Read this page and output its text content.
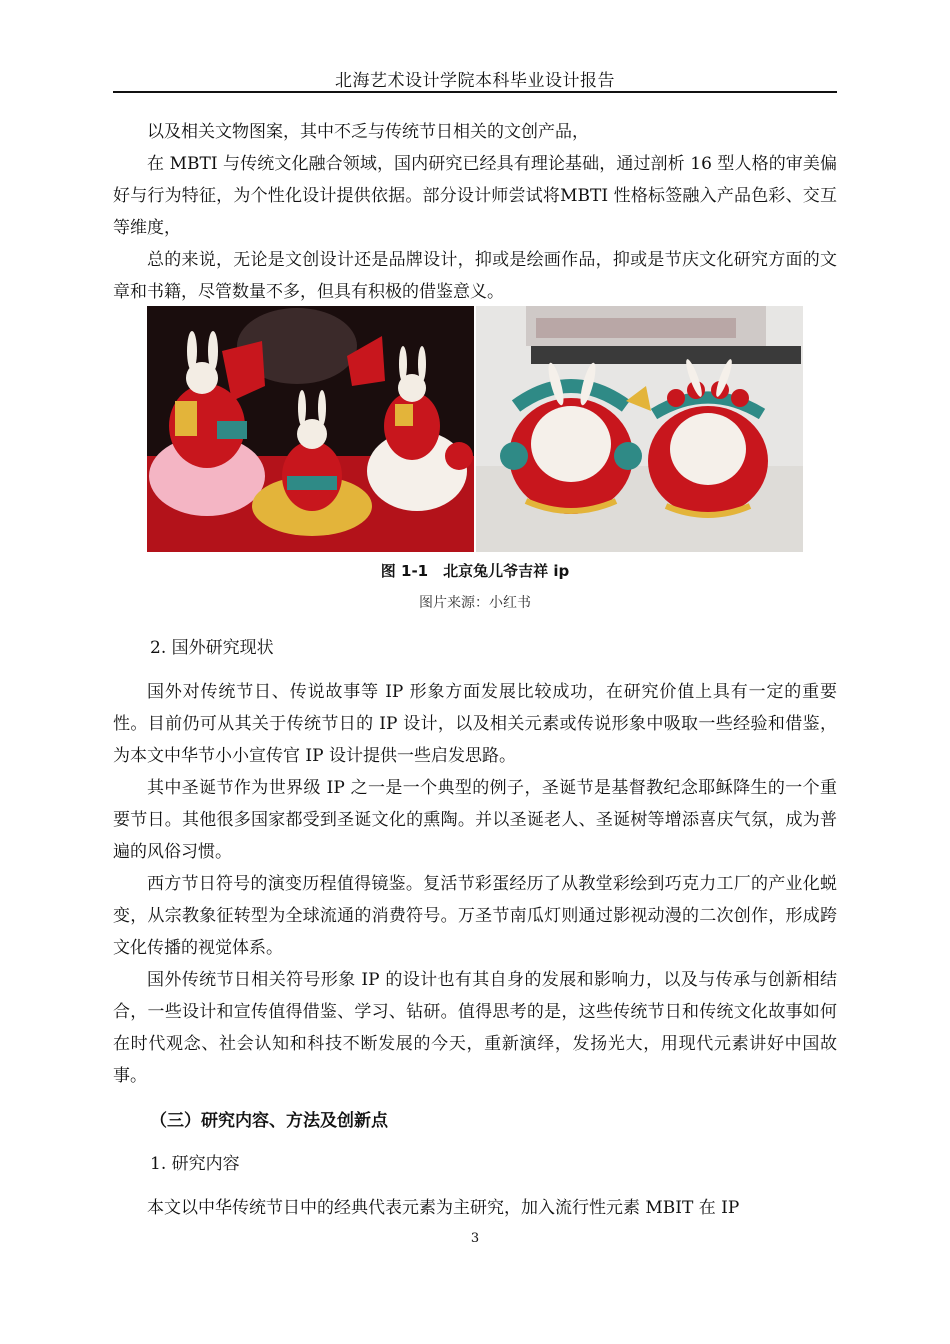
北海艺术设计学院本科毕业设计报告

以及相关文物图案，其中不乏与传统节日相关的文创产品，

在 MBTI 与传统文化融合领域，国内研究已经具有理论基础，通过剖析 16 型人格的审美偏好与行为特征，为个性化设计提供依据。部分设计师尝试将MBTI 性格标签融入产品色彩、交互等维度，

总的来说，无论是文创设计还是品牌设计，抑或是绘画作品，抑或是节庆文化研究方面的文章和书籍，尽管数量不多，但具有积极的借鉴意义。

图 1-1　北京兔儿爷吉祥 ip
图片来源：小红书

2. 国外研究现状

国外对传统节日、传说故事等 IP 形象方面发展比较成功，在研究价值上具有一定的重要性。目前仍可从其关于传统节日的 IP 设计，以及相关元素或传说形象中吸取一些经验和借鉴，为本文中华节小小宣传官 IP 设计提供一些启发思路。

其中圣诞节作为世界级 IP 之一是一个典型的例子，圣诞节是基督教纪念耶稣降生的一个重要节日。其他很多国家都受到圣诞文化的熏陶。并以圣诞老人、圣诞树等增添喜庆气氛，成为普遍的风俗习惯。

西方节日符号的演变历程值得镜鉴。复活节彩蛋经历了从教堂彩绘到巧克力工厂的产业化蜕变，从宗教象征转型为全球流通的消费符号。万圣节南瓜灯则通过影视动漫的二次创作，形成跨文化传播的视觉体系。

国外传统节日相关符号形象 IP 的设计也有其自身的发展和影响力，以及与传承与创新相结合，一些设计和宣传值得借鉴、学习、钻研。值得思考的是，这些传统节日和传统文化故事如何在时代观念、社会认知和科技不断发展的今天，重新演绎，发扬光大，用现代元素讲好中国故事。

（三）研究内容、方法及创新点

1. 研究内容

本文以中华传统节日中的经典代表元素为主研究，加入流行性元素 MBIT 在 IP

3
